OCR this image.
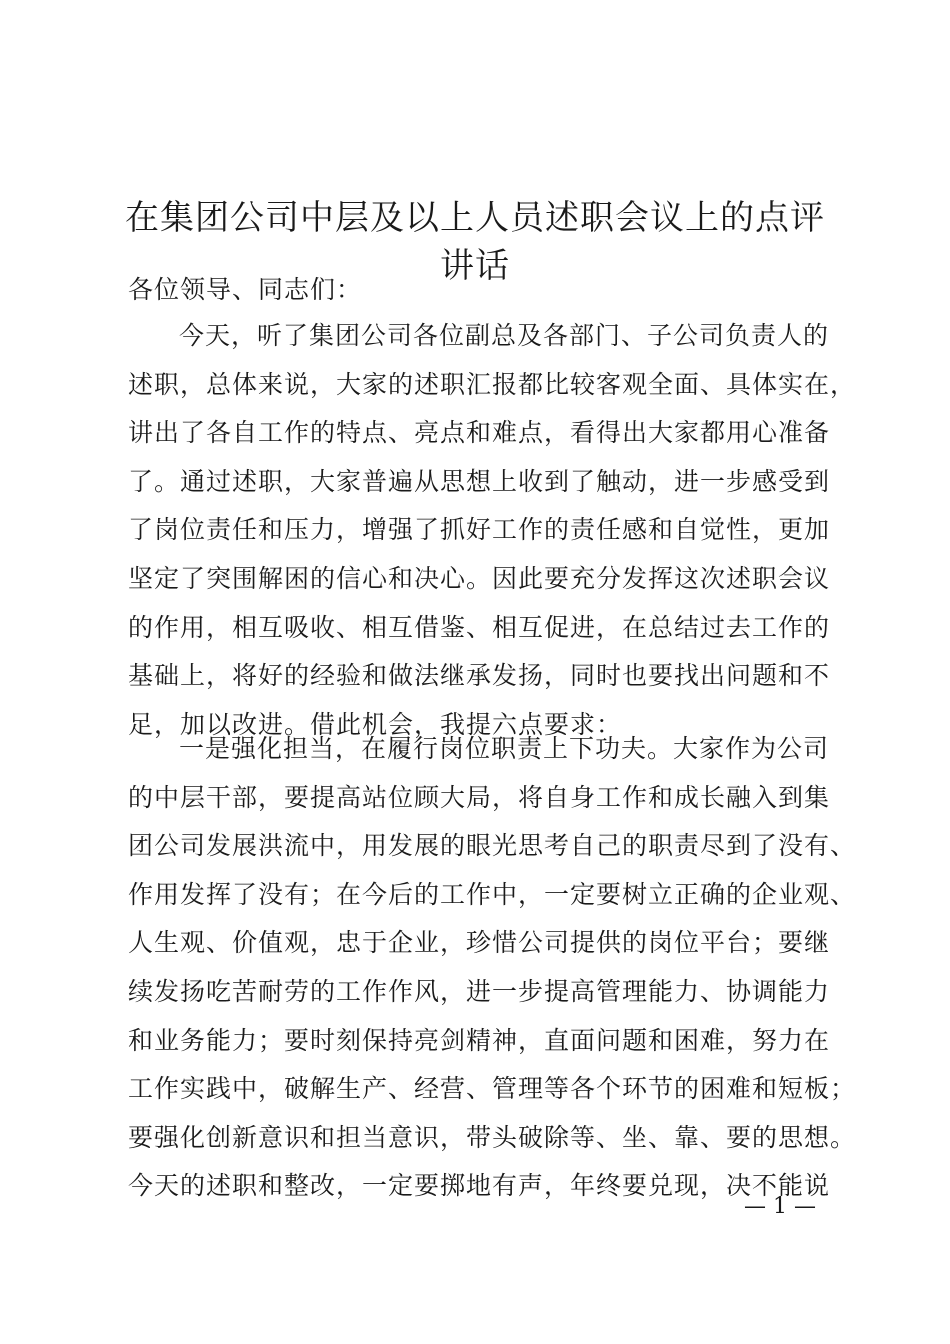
在集团公司中层及以上人员述职会议上的点评
讲话
各位领导、同志们：
今天，听了集团公司各位副总及各部门、子公司负责人的
述职，总体来说，大家的述职汇报都比较客观全面、具体实在，
讲出了各自工作的特点、亮点和难点，看得出大家都用心准备
了。通过述职，大家普遍从思想上收到了触动，进一步感受到
了岗位责任和压力，增强了抓好工作的责任感和自觉性，更加
坚定了突围解困的信心和决心。因此要充分发挥这次述职会议
的作用，相互吸收、相互借鉴、相互促进，在总结过去工作的
基础上，将好的经验和做法继承发扬，同时也要找出问题和不
足，加以改进。借此机会，我提六点要求：
一是强化担当，在履行岗位职责上下功夫。大家作为公司
的中层干部，要提高站位顾大局，将自身工作和成长融入到集
团公司发展洪流中，用发展的眼光思考自己的职责尽到了没有、
作用发挥了没有；在今后的工作中，一定要树立正确的企业观、
人生观、价值观，忠于企业，珍惜公司提供的岗位平台；要继
续发扬吃苦耐劳的工作作风，进一步提高管理能力、协调能力
和业务能力；要时刻保持亮剑精神，直面问题和困难，努力在
工作实践中，破解生产、经营、管理等各个环节的困难和短板；
要强化创新意识和担当意识，带头破除等、坐、靠、要的思想。
今天的述职和整改，一定要掷地有声，年终要兑现，决不能说
— 1 —
